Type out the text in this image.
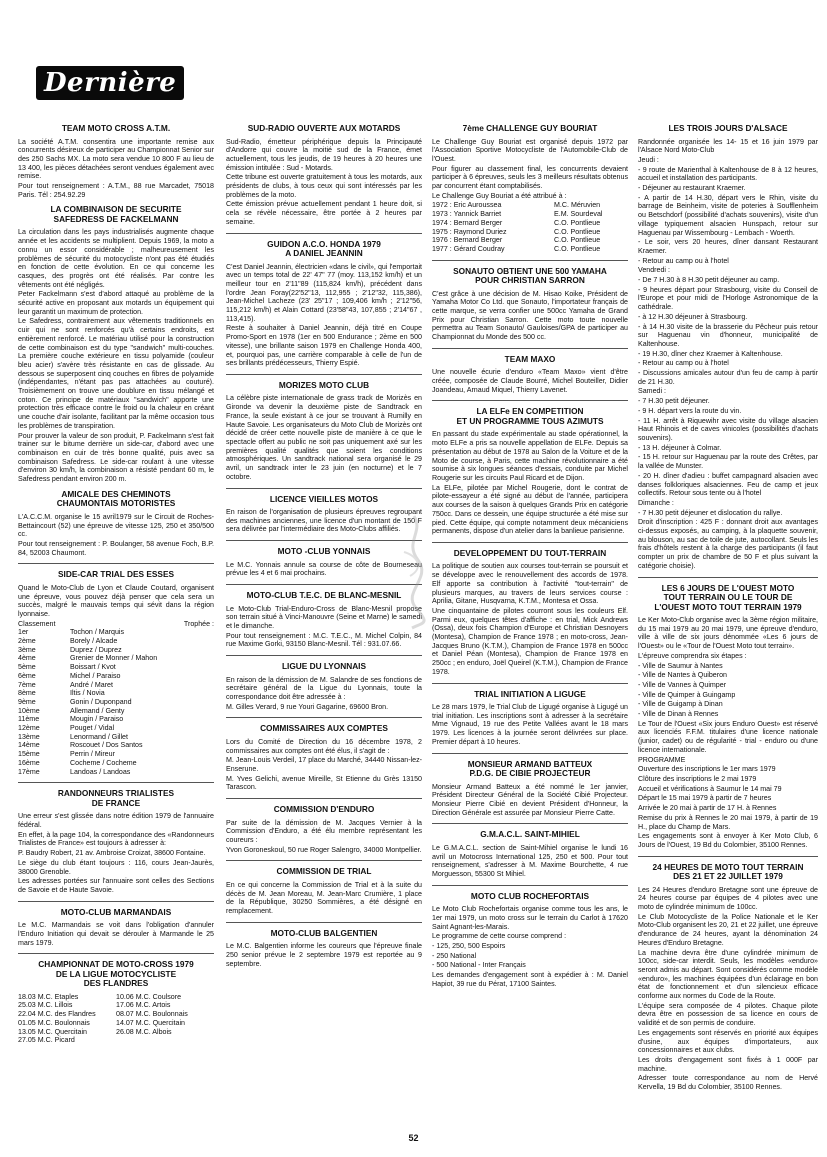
Dernière
TEAM MOTO CROSS A.T.M.

La société A.T.M. consentira une importante remise aux concurrents désireux de participer au Championnat Senior sur des 250 Sachs MX. La moto sera vendue 10 800 F au lieu de 13 400, les pièces détachées seront vendues également avec remise.

Pour tout renseignement : A.T.M., 88 rue Marcadet, 75018 Paris. Tél : 254.92.29

LA COMBINAISON DE SECURITE
SAFEDRESS DE FACKELMANN

La circulation dans les pays industrialisés augmente chaque année et les accidents se multiplient. Depuis 1969, la moto a connu un essor considérable ; malheureusement les problèmes de sécurité du motocycliste n'ont pas été étudiés en fonction de cette évolution. En ce qui concerne les casques, des progrès ont été réalisés. Par contre les vêtements ont été négligés.

Peter Fackelmann s'est d'abord attaqué au problème de la sécurité active en proposant aux motards un équipement qui leur garantit un maximum de protection.

Le Safedress, contrairement aux vêtements traditionnels en cuir qui ne sont renforcés qu'à certains endroits, est entièrement renforcé. Le matériau utilisé pour la construction de cette combinaison est du type "sandwich" multi-couches. La première couche extérieure en tissu polyamide (couleur bleu acier) s'avère très résistante en cas de glissade. Au dessous se superposent cinq couches en fibres de polyamide (indépendantes, n'étant pas pas attachées au couturé). Troisièmement on trouve une doublure en tissu mélangé et coton. Ce principe de matériaux "sandwich" apporte une protection très efficace contre le froid ou la chaleur en créant une couche d'air isolante, facilitant par la même occasion tous les problèmes de transpiration.

Pour prouver la valeur de son produit, P. Fackelmann s'est fait trainer sur le bitume derrière un side-car, d'abord avec une combinaison en cuir de très bonne qualité, puis avec sa combinaison Safedress. Le side-car roulant à une vitesse d'environ 30 km/h, la combinaison a résisté pendant 60 m, le Safedress pendant environ 200 m.

AMICALE DES CHEMINOTS
CHAUMONTAIS MOTORISTES

L'A.C.C.M. organise le 15 avril1979 sur le Circuit de Roches-Bettaincourt (52) une épreuve de vitesse 125, 250 et 350/500 cc.

Pour tout renseignement : P. Boulanger, 58 avenue Foch, B.P. 84, 52003 Chaumont.

SIDE-CAR TRIAL DES ESSES

Quand le Moto-Club de Lyon et Claude Coutard, organisent une épreuve, vous pouvez déjà penser que cela sera un succès, malgré le mauvais temps qui sévit dans la région lyonnaise.

Classement	Trophée :
1er	Tochon / Marquis
2ème	Borely / Alcade
3ème	Duprez / Duprez
4ème	Grenier de Monner / Mahon
5ème	Boissart / Kvot
6ème	Michel / Paraiso
7ème	André / Maret
8ème	Iltis / Novia
9ème	Gonin / Duponpand
10ème	Allemand / Genty
11ème	Mougin / Paraiso
12ème	Pouget / Vidal
13ème	Lenormand / Gillet
14ème	Roscouet / Dos Santos
15ème	Perrin / Mireur
16ème	Cocheme / Cocheme
17ème	Landoas / Landoas
RANDONNEURS TRIALISTES
DE FRANCE

Une erreur s'est glissée dans notre édition 1979 de l'annuaire fédéral.

En effet, à la page 104, la correspondance des «Randonneurs Trialistes de France» est toujours à adresser à:

P. Baudry Robert, 21 av. Ambroise Croizat, 38600 Fontaine.

Le siège du club étant toujours : 116, cours Jean-Jaurès, 38000 Grenoble.

Les adresses portées sur l'annuaire sont celles des Sections de Savoie et de Haute Savoie.

MOTO-CLUB MARMANDAIS

Le M.C. Marmandais se voit dans l'obligation d'annuler l'Enduro Initiation qui devait se dérouler à Marmande le 25 mars 1979.

CHAMPIONNAT DE MOTO-CROSS 1979
DE LA LIGUE MOTOCYCLISTE
DES FLANDRES
18.03 M.C. Etaples	10.06 M.C. Coulsore
25.03 M.C. Lillois	17.06 M.C. Artois
22.04 M.C. des Flandres	08.07 M.C. Boulonnais
01.05 M.C. Boulonnais	14.07 M.C. Quercitain
13.05 M.C. Quercitain	26.08 M.C. Albois
27.05 M.C. Picard
SUD-RADIO OUVERTE AUX MOTARDS

Sud-Radio, émetteur périphérique depuis la Principauté d'Andorre qui couvre la moitié sud de la France, émet actuellement, tous les jeudis, de 19 heures à 20 heures une émission intitulée : Sud - Motards.

Cette tribune est ouverte gratuitement à tous les motards, aux présidents de clubs, à tous ceux qui sont intéressés par les problèmes de la moto.

Cette émission prévue actuellement pendant 1 heure doit, si cela se révèle nécessaire, être portée à 2 heures par semaine.

GUIDON A.C.O. HONDA 1979
A DANIEL JEANNIN

C'est Daniel Jeannin, électricien «dans le civil», qui l'emportait avec un temps total de 22' 47" 77 (moy. 113,152 km/h) et un meilleur tour en 2'11"89 (115,824 km/h), précédent dans l'ordre Jean Foray(22'52"13, 112,955 ; 2'12"32, 115,386), Jean-Michel Lacheze (23' 25"17 ; 109,406 km/h ; 2'12"56, 115,212 km/h) et Alain Cottard (23'58"43, 107,855 ; 2'14"67 , 113,415).

Reste à souhaiter à Daniel Jeannin, déjà titré en Coupe Promo-Sport en 1978 (1er en 500 Endurance ; 2ème en 500 vitesse), une brillante saison 1979 en Challenge Honda 400, et, pourquoi pas, une carrière comparable à celle de l'un de ses brillants prédécesseurs, Thierry Espié.

MORIZES MOTO CLUB

La célèbre piste internationale de grass track de Morizès en Gironde va devenir la deuxième piste de Sandtrack en France, la seule existant à ce jour se trouvant à Rumilly en Haute Savoie. Les organisateurs du Moto Club de Morizès ont décidé de créer cette nouvelle piste de manière à ce que le spectacle offert au public ne soit pas uniquement axé sur les premières qualité qualités que soient les conditions atmosphériques. Un sandtrack national sera organisé le 29 avril, un sandtrack inter le 23 juin (en nocturne) et le 7 octobre.

LICENCE VIEILLES MOTOS

En raison de l'organisation de plusieurs épreuves regroupant des machines anciennes, une licence d'un montant de 150 F sera délivrée par l'intermédiaire des Moto-Clubs affiliés.

MOTO -CLUB YONNAIS

Le M.C. Yonnais annule sa course de côte de Bourneseau prévue les 4 et 6 mai prochains.

MOTO-CLUB T.E.C. DE BLANC-MESNIL

Le Moto-Club Trial-Enduro-Cross de Blanc-Mesnil propose son terrain situé à Vinci-Manouvre (Seine et Marne) le samedi et le dimanche.

Pour tout renseignement : M.C. T.E.C., M. Michel Colpin, 84 rue Maxime Gorki, 93150 Blanc-Mesnil. Tél : 931.07.66.

LIGUE DU LYONNAIS

En raison de la démission de M. Salandre de ses fonctions de secrétaire général de la Ligue du Lyonnais, toute la correspondance doit être adressée à :

M. Gilles Verard, 9 rue Youri Gagarine, 69600 Bron.

COMMISSAIRES AUX COMPTES

Lors du Comité de Direction du 16 décembre 1978, 2 commissaires aux comptes ont été élus, il s'agit de :

M. Jean-Louis Verdeil, 17 place du Marché, 34440 Nissan-lez-Enserune.

M. Yves Gelichi, avenue Mireille, St Etienne du Grès 13150 Tarascon.

COMMISSION D'ENDURO

Par suite de la démission de M. Jacques Vernier à la Commission d'Enduro, a été élu membre représentant les coureurs :

Yvon Goroneskoul, 50 rue Roger Salengro, 34000 Montpellier.

COMMISSION DE TRIAL

En ce qui concerne la Commission de Trial et à la suite du décès de M. Jean Moreau, M. Jean-Marc Crumière, 1 place de la République, 30250 Sommières, a été désigné en remplacement.

MOTO-CLUB BALGENTIEN

Le M.C. Balgentien informe les coureurs que l'épreuve finale 250 senior prévue le 2 septembre 1979 est reportée au 9 septembre.

7ème CHALLENGE GUY BOURIAT

Le Challenge Guy Bouriat est organisé depuis 1972 par l'Association Sportive Motocycliste de l'Automobile-Club de l'Ouest.

Pour figurer au classement final, les concurrents devaient participer à 6 épreuves, seuls les 3 meilleurs résultats obtenus par concurrent étant comptabilisés.

Le Challenge Guy Bouriat a été attribué à :

1972 : Eric Auroussea	M.C. Méruvien
1973 : Yannick Barriet	E.M. Sourdeval
1974 : Bernard Berger	C.O. Pontlieue
1975 : Raymond Duriez	C.O. Pontlieue
1976 : Bernard Berger	C.O. Pontlieue
1977 : Gérard Coudray	C.O. Pontlieue
SONAUTO OBTIENT UNE 500 YAMAHA
POUR CHRISTIAN SARRON

C'est grâce à une décision de M. Hisao Koike, Président de Yamaha Motor Co Ltd. que Sonauto, l'importateur français de cette marque, se verra confier une 500cc Yamaha de Grand Prix pour Christian Sarron. Cette moto toute nouvelle permettra au Team Sonauto/ Gauloises/GPA de participer au Championnat du Monde des 500 cc.

TEAM MAXO

Une nouvelle écurie d'enduro «Team Maxo» vient d'être créée, composée de Claude Bourré, Michel Bouteiller, Didier Joandeau, Arnaud Miquel, Thierry Lavenet.

LA ELFe EN COMPETITION
ET UN PROGRAMME TOUS AZIMUTS

En passant du stade expérimentale au stade opérationnel, la moto ELFe a pris sa nouvelle appellation de ELFe. Depuis sa présentation au début de 1978 au Salon de la Voiture et de la Moto de course, à Paris, cette machine révolutionnaire a été soumise à six longues séances d'essais, conduite par Michel Rougerie sur les circuits Paul Ricard et de Dijon.

La ELFe, pilotée par Michel Rougerie, dont le contrat de pilote-essayeur a été signé au début de l'année, participera aux courses de la saison à quelques Grands Prix en catégorie 750cc. Dans ce dessein, une équipe structurée a été mise sur pied. Cette équipe, qui compte notamment deux mécaniciens permanents, dispose d'un atelier dans la banlieue parisienne.

DEVELOPPEMENT DU TOUT-TERRAIN

La politique de soutien aux courses tout-terrain se poursuit et se développe avec le renouvellement des accords de 1978. Elf apporte sa contribution à l'activité "tout-terrain" de plusieurs marques, au travers de leurs services course : Aprilia, Gitane, Husqvarna, K.T.M., Montesa et Ossa.

Une cinquantaine de pilotes courront sous les couleurs Elf. Parmi eux, quelques têtes d'affiche : en trial, Mick Andrews (Ossa), deux fois Champion d'Europe et Christian Desnoyers (Montesa), Champion de France 1978 ; en moto-cross, Jean-Jacques Bruno (K.T.M.), Champion de France 1978 en 500cc et Daniel Péan (Montesa), Champion de France 1978 en 250cc ; en enduro, Joël Queirel (K.T.M.), Champion de France 1978.

TRIAL INITIATION A LIGUGE

Le 28 mars 1979, le Trial Club de Ligugé organise à Ligugé un trial initiation. Les inscriptions sont à adresser à la secrétaire Mme Vignaud, 19 rue des Petite Vallées avant le 18 mars 1979. Les licences à la journée seront délivrées sur place. Premier départ à 10 heures.

MONSIEUR ARMAND BATTEUX
P.D.G. DE CIBIE PROJECTEUR

Monsieur Armand Batteux a été nommé le 1er janvier, Président Directeur Général de la Société Cibié Projecteur. Monsieur Pierre Cibié en devient Président d'Honneur, la Direction Générale est assurée par Monsieur Pierre Catte.

G.M.A.C.L. SAINT-MIHIEL

Le G.M.A.C.L. section de Saint-Mihiel organise le lundi 16 avril un Motocross International 125, 250 et 500. Pour tout renseignement, s'adresser à M. Maxime Bourchette, 4 rue Morguesson, 55300 St Mihiel.

MOTO CLUB ROCHEFORTAIS

Le Moto Club Rochefortais organise comme tous les ans, le 1er mai 1979, un moto cross sur le terrain du Carlot à 17620 Saint Agnant-les-Marais.

Le programme de cette course comprend :

- 125, 250, 500 Espoirs

- 250 National

- 500 National - Inter Français

Les demandes d'engagement sont à expédier à : M. Daniel Hapiot, 39 rue du Pérat, 17100 Saintes.

LES TROIS JOURS D'ALSACE

Randonnée organisée les 14- 15 et 16 juin 1979 par l'Alsace Nord Moto-Club

Jeudi :

- 9 route de Marienthal à Kaltenhouse de 8 à 12 heures, accueil et installation des participants.

- Déjeuner au restaurant Kraemer.

- A partir de 14 H.30, départ vers le Rhin, visite du barrage de Beinheim, visite de poteries à Soufflenheim ou Betschdorf (possibilité d'achats souvenirs), visite d'un village typiquement alsacien Hunspach, retour sur Haguenau par Wissembourg - Lembach - Woerth.

- Le soir, vers 20 heures, dîner dansant Restaurant Kraemer.

- Retour au camp ou à l'hotel

Vendredi :

- De 7 H.30 à 8 H.30 petit déjeuner au camp.

- 9 heures départ pour Strasbourg, visite du Conseil de l'Europe et pour midi de l'Horloge Astronomique de la cathédrale.

- à 12 H.30 déjeuner à Strasbourg.

- à 14 H.30 visite de la brasserie du Pêcheur puis retour sur Haguenau vin d'honneur, municipalité de Kaltenhouse.

- 19 H.30, dîner chez Kraemer à Kaltenhouse.

- Retour au camp ou à l'hotel

- Discussions amicales autour d'un feu de camp à partir de 21 H.30.

Samedi :

- 7 H.30 petit déjeuner.

- 9 H. départ vers la route du vin.

- 11 H. arrêt à Riquewihr avec visite du village alsacien Haut Rhinois et de caves vinicoles (possibilités d'achats souvenirs).

- 13 H. déjeuner à Colmar.

- 15 H. retour sur Haguenau par la route des Crêtes, par la vallée de Munster.

- 20 H. dîner d'adieu : buffet campagnard alsacien avec danses folkloriques alsaciennes. Feu de camp et jeux collectifs. Retour sous tente ou à l'hotel

Dimanche :

- 7 H.30 petit déjeuner et dislocation du rallye.

Droit d'inscription : 425 F : donnant droit aux avantages ci-dessus exposés, au camping, à la plaquette souvenir, au blouson, au sac de toile de jute, autocollant. Seuls les frais d'hôtels restent à la charge des participants (il faut compter un prix de chambre de 50 F et plus suivant la catégorie choisie).

LES 6 JOURS DE L'OUEST MOTO
TOUT TERRAIN OU LE TOUR DE
L'OUEST MOTO TOUT TERRAIN 1979

Le Ker Moto-Club organise avec la 3ème région militaire, du 15 mai 1979 au 20 mai 1979, une épreuve d'enduro, ville à ville de six jours dénommée «Les 6 jours de l'Ouest» ou le «Tour de l'Ouest Moto tout terrain».

L'épreuve comprendra six étapes :

- Ville de Saumur à Nantes

- Ville de Nantes à Quiberon

- Ville de Vannes à Quimper

- Ville de Quimper à Guingamp

- Ville de Guigamp à Dinan

- Ville de Dinan à Rennes

Le Tour de l'Ouest «Six jours Enduro Ouest» est réservé aux licenciés F.F.M. titulaires d'une licence nationale (junior, cadet) ou de régularité - trial - enduro ou d'une licence internationale.

PROGRAMME

Ouverture des inscriptions le 1er mars 1979

Clôture des inscriptions le 2 mai 1979

Accueil et vérifications à Saumur le 14 mai 79

Départ le 15 mai 1979 à partir de 7 heures

Arrivée le 20 mai à partir de 17 H. à Rennes

Remise du prix à Rennes le 20 mai 1979, à partir de 19 H., place du Champ de Mars.

Les engagements sont à envoyer à Ker Moto Club, 6 Jours de l'Ouest, 19 Bd du Colombier, 35100 Rennes.

24 HEURES DE MOTO TOUT TERRAIN
DES 21 ET 22 JUILLET 1979

Les 24 Heures d'enduro Bretagne sont une épreuve de 24 heures course par équipes de 4 pilotes avec une moto de cylindrée minimum de 100cc.

Le Club Motocycliste de la Police Nationale et le Ker Moto-Club organisent les 20, 21 et 22 juillet, une épreuve d'endurance de 24 heures, ayant la dénomination 24 Heures d'Enduro Bretagne.

La machine devra être d'une cylindrée minimum de 100cc, side-car interdit. Seuls, les modèles «enduro» seront admis au départ. Sont considérés comme modèle «enduro», les machines équipées d'un éclairage en bon état de fonctionnement et d'un silencieux efficace conforme aux normes du Code de la Route.

L'équipe sera composée de 4 pilotes. Chaque pilote devra être en possession de sa licence en cours de validité et de son permis de conduire.

Les engagements sont réservés en priorité aux équipes d'usine, aux équipes d'importateurs, aux concessionnaires et aux clubs.

Les droits d'engagement sont fixés à 1 000F par machine.

Adresser toute correspondance au nom de Hervé Kervella, 19 Bd du Colombier, 35100 Rennes.

52
